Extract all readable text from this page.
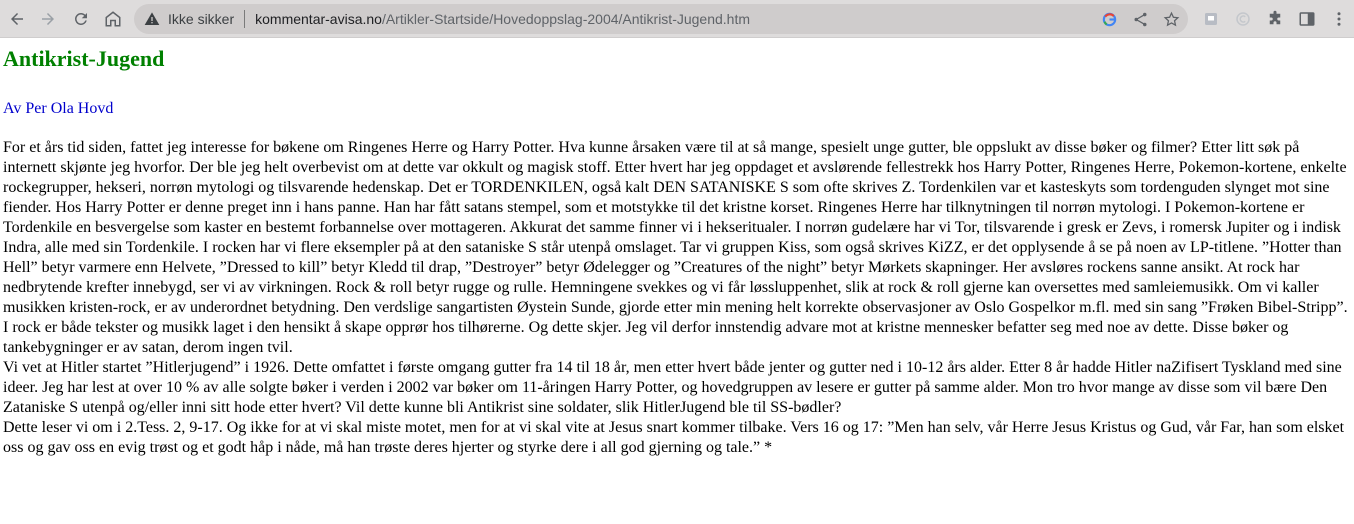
Ikke sikker kommentar-avisa.no /Artikler-Startside/Hovedoppslag-2004/Antikrist-Jugend.htm
Antikrist-Jugend
Av Per Ola Hovd

For et års tid siden, fattet jeg interesse for bøkene om Ringenes Herre og Harry Potter. Hva kunne årsaken være til at så mange, spesielt unge gutter, ble oppslukt av disse bøker og filmer? Etter litt søk på internett skjønte jeg hvorfor. Der ble jeg helt overbevist om at dette var okkult og magisk stoff. Etter hvert har jeg oppdaget et avslørende fellestrekk hos Harry Potter, Ringenes Herre, Pokemon-kortene, enkelte rockegrupper, hekseri, norrøn mytologi og tilsvarende hedenskap. Det er TORDENKILEN, også kalt DEN SATANISKE S som ofte skrives Z. Tordenkilen var et kasteskyts som tordenguden slynget mot sine fiender. Hos Harry Potter er denne preget inn i hans panne. Han har fått satans stempel, som et motstykke til det kristne korset. Ringenes Herre har tilknytningen til norrøn mytologi. I Pokemon-kortene er Tordenkile en besvergelse som kaster en bestemt forbannelse over mottageren. Akkurat det samme finner vi i hekseritualer. I norrøn gudelære har vi Tor, tilsvarende i gresk er Zevs, i romersk Jupiter og i indisk Indra, alle med sin Tordenkile. I rocken har vi flere eksempler på at den sataniske S står utenpå omslaget. Tar vi gruppen Kiss, som også skrives KiZZ, er det opplysende å se på noen av LP-titlene. ”Hotter than Hell” betyr varmere enn Helvete, ”Dressed to kill” betyr Kledd til drap, ”Destroyer” betyr Ødelegger og ”Creatures of the night” betyr Mørkets skapninger. Her avsløres rockens sanne ansikt. At rock har nedbrytende krefter innebygd, ser vi av virkningen. Rock & roll betyr rugge og rulle. Hemningene svekkes og vi får løssluppenhet, slik at rock & roll gjerne kan oversettes med samleiemusikk. Om vi kaller musikken kristen-rock, er av underordnet betydning. Den verdslige sangartisten Øystein Sunde, gjorde etter min mening helt korrekte observasjoner av Oslo Gospelkor m.fl. med sin sang ”Frøken Bibel-Stripp”.

I rock er både tekster og musikk laget i den hensikt å skape opprør hos tilhørerne. Og dette skjer. Jeg vil derfor innstendig advare mot at kristne mennesker befatter seg med noe av dette. Disse bøker og tankebygninger er av satan, derom ingen tvil.

Vi vet at Hitler startet ”Hitlerjugend” i 1926. Dette omfattet i første omgang gutter fra 14 til 18 år, men etter hvert både jenter og gutter ned i 10-12 års alder. Etter 8 år hadde Hitler naZifisert Tyskland med sine ideer. Jeg har lest at over 10 % av alle solgte bøker i verden i 2002 var bøker om 11-åringen Harry Potter, og hovedgruppen av lesere er gutter på samme alder. Mon tro hvor mange av disse som vil bære Den Zataniske S utenpå og/eller inni sitt hode etter hvert? Vil dette kunne bli Antikrist sine soldater, slik HitlerJugend ble til SS-bødler?

Dette leser vi om i 2.Tess. 2, 9-17. Og ikke for at vi skal miste motet, men for at vi skal vite at Jesus snart kommer tilbake. Vers 16 og 17: ”Men han selv, vår Herre Jesus Kristus og Gud, vår Far, han som elsket oss og gav oss en evig trøst og et godt håp i nåde, må han trøste deres hjerter og styrke dere i all god gjerning og tale.” *
